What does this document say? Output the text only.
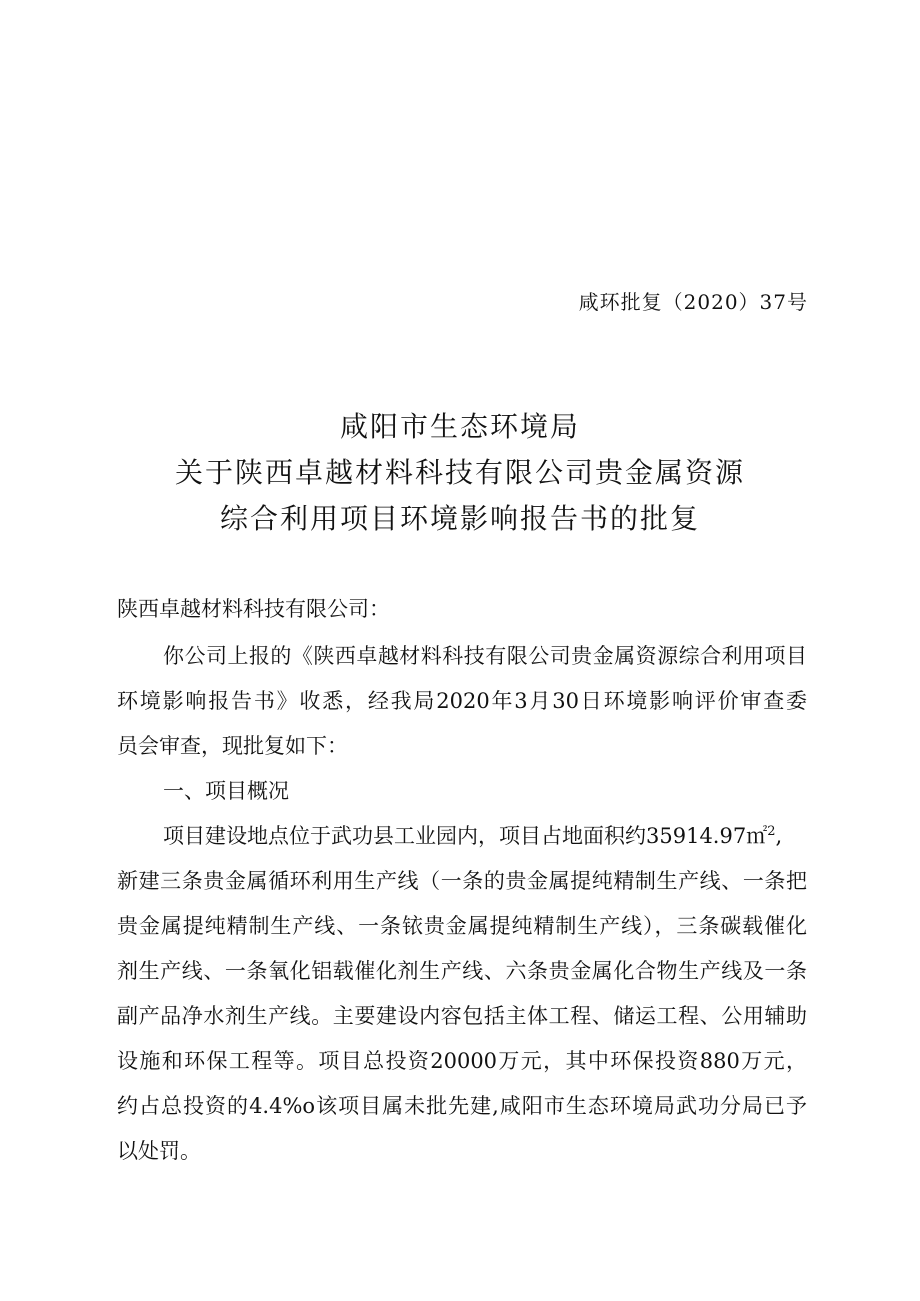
咸环批复（2020）37号
咸阳市生态环境局
关于陕西卓越材料科技有限公司贵金属资源
综合利用项目环境影响报告书的批复
陕西卓越材料科技有限公司：
你公司上报的《陕西卓越材料科技有限公司贵金属资源综合利用项目
环境影响报告书》收悉，经我局2020年3月30日环境影响评价审查委
员会审查，现批复如下：
一、项目概况
项目建设地点位于武功县工业园内，项目占地面积约35914.97㎡$^2$,
新建三条贵金属循环利用生产线（一条的贵金属提纯精制生产线、一条把
贵金属提纯精制生产线、一条铱贵金属提纯精制生产线），三条碳载催化
剂生产线、一条氧化铝载催化剂生产线、六条贵金属化合物生产线及一条
副产品净水剂生产线。主要建设内容包括主体工程、储运工程、公用辅助
设施和环保工程等。项目总投资20000万元，其中环保投资880万元，
约占总投资的4.4%o该项目属未批先建,咸阳市生态环境局武功分局已予
以处罚。
